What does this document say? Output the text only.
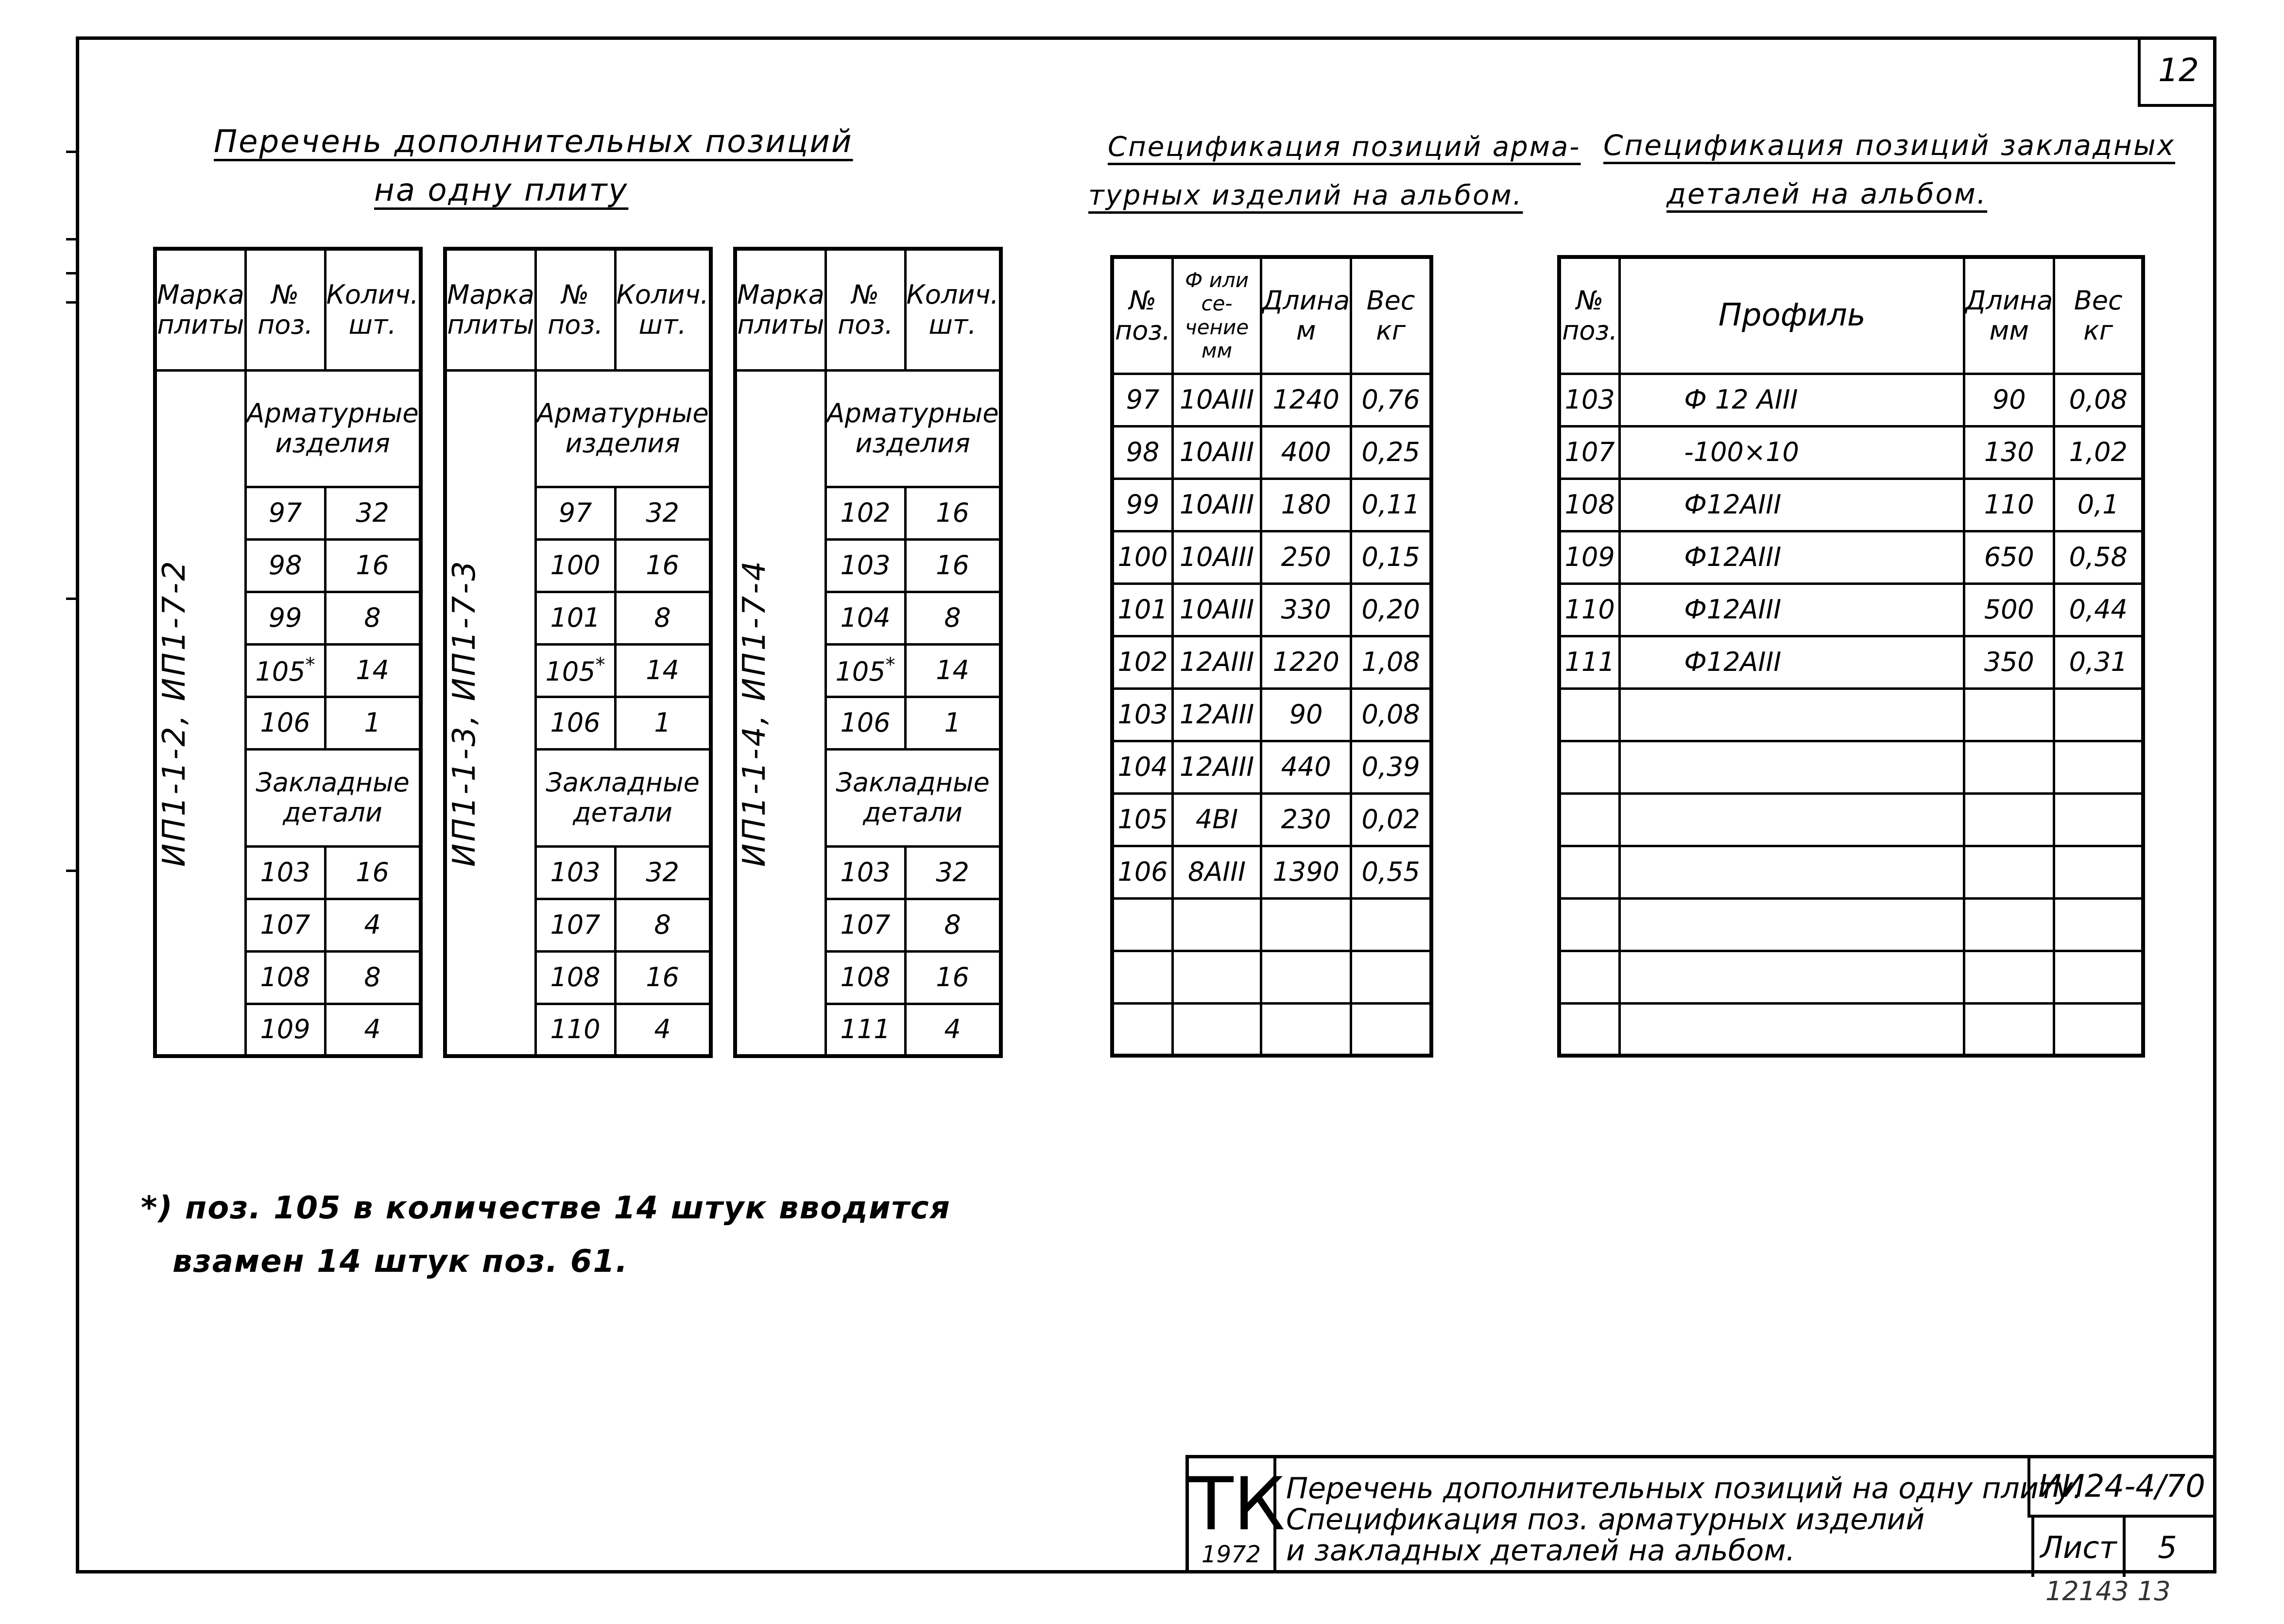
12
Перечень дополнительных позиций
на одну плиту
Спецификация позиций арма-
турных изделий на альбом.
Спецификация позиций закладных
деталей на альбом.
Марка плиты	№ поз.	Колич. шт.

ИП1-1-2, ИП1-7-2	Арматурные изделия	
	97	32
	98	16
	99	8
	105*	14
	106	1
	Закладные детали	
	103	16
	107	4
	108	8
	109	4
Марка плиты	№ поз.	Колич. шт.

ИП1-1-3, ИП1-7-3	Арматурные изделия	
	97	32
	100	16
	101	8
	105*	14
	106	1
	Закладные детали	
	103	32
	107	8
	108	16
	110	4
Марка плиты	№ поз.	Колич. шт.

ИП1-1-4, ИП1-7-4	Арматурные изделия	
	102	16
	103	16
	104	8
	105*	14
	106	1
	Закладные детали	
	103	32
	107	8
	108	16
	111	4
№ поз.	Ф или се- чение мм	Длина м	Вес кг
97	10AIII	1240	0,76
98	10AIII	400	0,25
99	10AIII	180	0,11
100	10AIII	250	0,15
101	10AIII	330	0,20
102	12AIII	1220	1,08
103	12AIII	90	0,08
104	12AIII	440	0,39
105	4BI	230	0,02
106	8AIII	1390	0,55

№ поз.	Профиль	Длина мм	Вес кг
103	Ф 12 AIII	90	0,08
107	-100×10	130	1,02
108	Ф12AIII	110	0,1
109	Ф12AIII	650	0,58
110	Ф12AIII	500	0,44
111	Ф12AIII	350	0,31

*) поз. 105 в количестве 14 штук вводится
взамен 14 штук поз. 61.
ТК
1972
Перечень дополнительных позиций на одну плиту.
Спецификация поз. арматурных изделий
и закладных деталей на альбом.
ИИ24-4/70
Лист	5
12143 13
